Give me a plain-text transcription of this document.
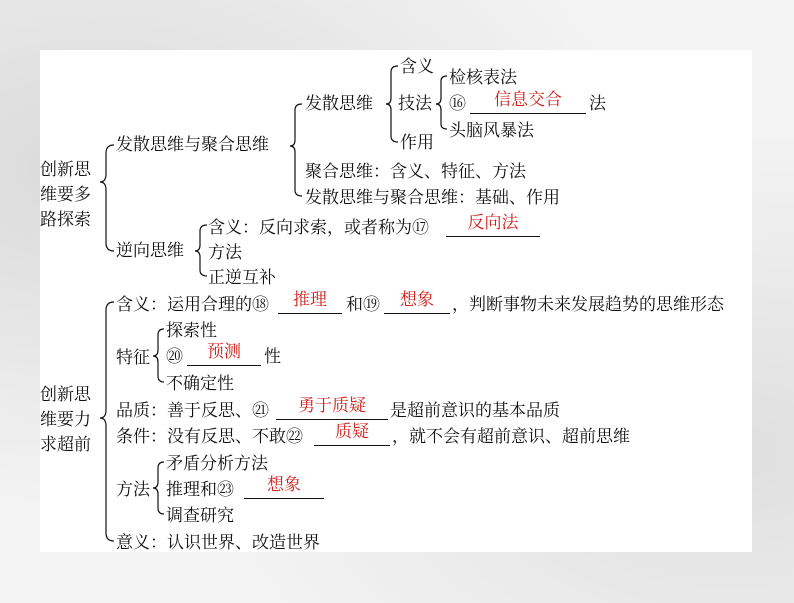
创新思
维要多
路探索
发散思维与聚合思维
发散思维
含义
技法
作用
检核表法
⑯	信息交合	法
头脑风暴法
聚合思维：含义、特征、方法
发散思维与聚合思维：基础、作用
逆向思维
含义：反向求索，或者称为⑰	反向法
方法
正逆互补
创新思
维要力
求超前
含义：运用合理的⑱	推理	和⑲	想象	，判断事物未来发展趋势的思维形态
特征
探索性
⑳	预测	性
不确定性
品质：善于反思、㉑	勇于质疑	是超前意识的基本品质
条件：没有反思、不敢㉒	质疑	，就不会有超前意识、超前思维
方法
矛盾分析方法
推理和㉓	想象
调查研究
意义：认识世界、改造世界
